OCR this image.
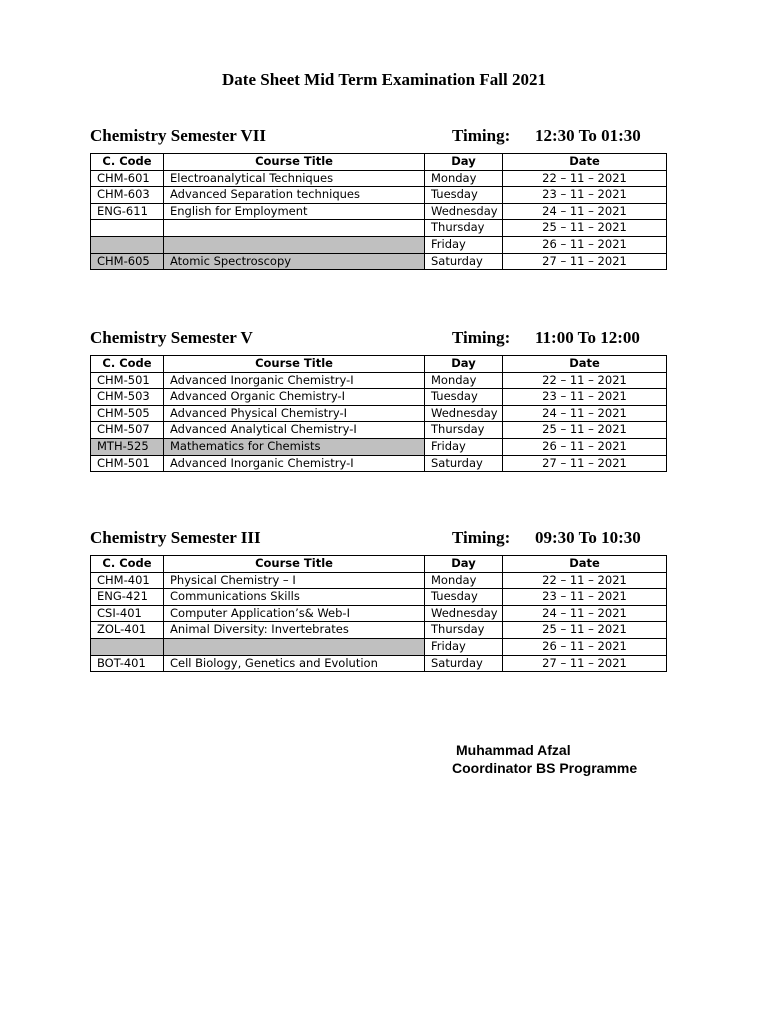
Date Sheet Mid Term Examination Fall 2021
Chemistry Semester VII	Timing: 12:30 To 01:30
C. Code	Course Title	Day	Date
CHM-601	Electroanalytical Techniques	Monday	22 – 11 – 2021
CHM-603	Advanced Separation techniques	Tuesday	23 – 11 – 2021
ENG-611	English for Employment	Wednesday	24 – 11 – 2021
		Thursday	25 – 11 – 2021
		Friday	26 – 11 – 2021
CHM-605	Atomic Spectroscopy	Saturday	27 – 11 – 2021
Chemistry Semester V	Timing: 11:00 To 12:00
C. Code	Course Title	Day	Date
CHM-501	Advanced Inorganic Chemistry-I	Monday	22 – 11 – 2021
CHM-503	Advanced Organic Chemistry-I	Tuesday	23 – 11 – 2021
CHM-505	Advanced Physical Chemistry-I	Wednesday	24 – 11 – 2021
CHM-507	Advanced Analytical Chemistry-I	Thursday	25 – 11 – 2021
MTH-525	Mathematics for Chemists	Friday	26 – 11 – 2021
CHM-501	Advanced Inorganic Chemistry-I	Saturday	27 – 11 – 2021
Chemistry Semester III	Timing: 09:30 To 10:30
C. Code	Course Title	Day	Date
CHM-401	Physical Chemistry – I	Monday	22 – 11 – 2021
ENG-421	Communications Skills	Tuesday	23 – 11 – 2021
CSI-401	Computer Application’s& Web-I	Wednesday	24 – 11 – 2021
ZOL-401	Animal Diversity: Invertebrates	Thursday	25 – 11 – 2021
		Friday	26 – 11 – 2021
BOT-401	Cell Biology, Genetics and Evolution	Saturday	27 – 11 – 2021
Muhammad Afzal
Coordinator BS Programme
